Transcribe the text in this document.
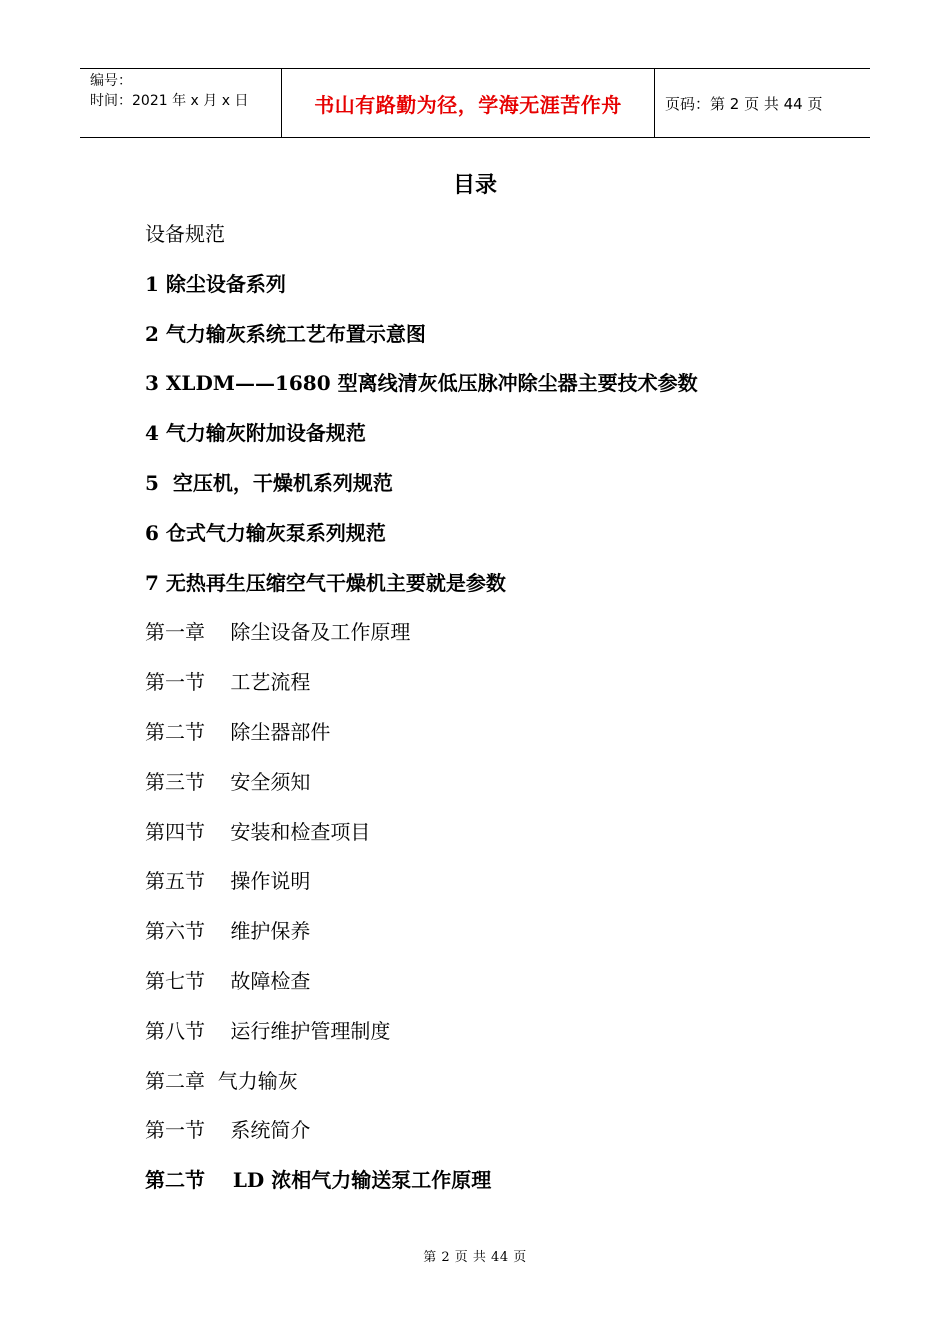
编号：
时间：2021 年 x 月 x 日	书山有路勤为径，学海无涯苦作舟	页码：第 2 页 共 44 页
目录
设备规范
1 除尘设备系列
2 气力输灰系统工艺布置示意图
3 XLDM——1680 型离线清灰低压脉冲除尘器主要技术参数
4 气力输灰附加设备规范
5  空压机，干燥机系列规范
6 仓式气力输灰泵系列规范
7 无热再生压缩空气干燥机主要就是参数
第一章    除尘设备及工作原理
第一节    工艺流程
第二节    除尘器部件
第三节    安全须知
第四节    安装和检查项目
第五节    操作说明
第六节    维护保养
第七节    故障检查
第八节    运行维护管理制度
第二章  气力输灰
第一节    系统简介
第二节    LD 浓相气力输送泵工作原理
第 2 页 共 44 页
